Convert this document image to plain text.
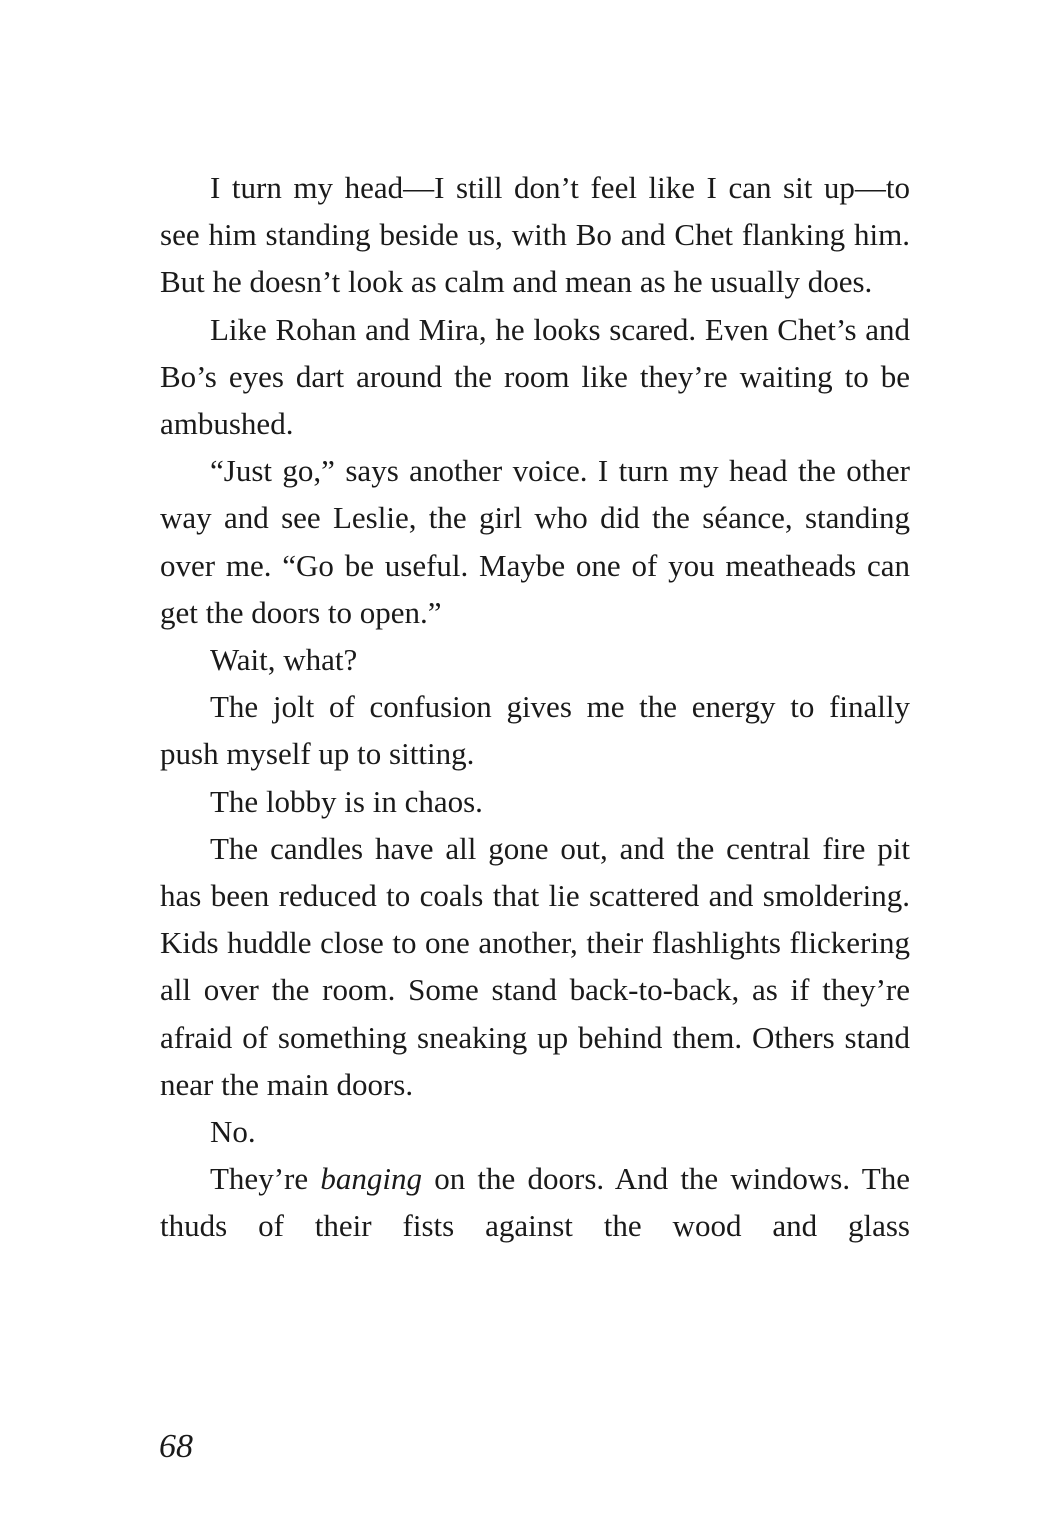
I turn my head—I still don’t feel like I can sit up—to see him standing beside us, with Bo and Chet flanking him. But he doesn’t look as calm and mean as he usually does.

Like Rohan and Mira, he looks scared. Even Chet’s and Bo’s eyes dart around the room like they’re waiting to be ambushed.

“Just go,” says another voice. I turn my head the other way and see Leslie, the girl who did the séance, standing over me. “Go be useful. Maybe one of you meatheads can get the doors to open.”

Wait, what?

The jolt of confusion gives me the energy to finally push myself up to sitting.

The lobby is in chaos.

The candles have all gone out, and the central fire pit has been reduced to coals that lie scattered and smoldering. Kids huddle close to one another, their flashlights flickering all over the room. Some stand back-to-back, as if they’re afraid of something sneaking up behind them. Others stand near the main doors.

No.

They’re banging on the doors. And the windows. The thuds of their fists against the wood and glass

68
